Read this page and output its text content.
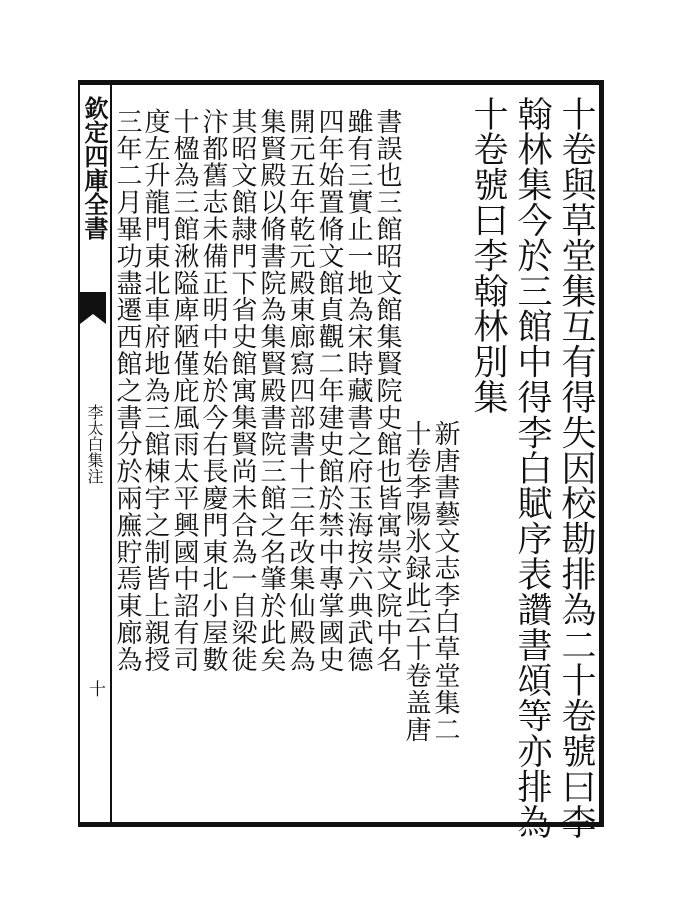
欽定四庫全書
李太白集注
十	十卷與草堂集互有得失因校勘排為二十卷號曰李
翰林集今於三館中得李白賦序表讚書頌等亦排為
十卷號曰李翰林別集
新唐書藝文志李白草堂集二
十卷李陽氷録此云十卷盖唐
書誤也三館昭文館集賢院史館也皆寓崇文院中名
雖有三實止一地為宋時藏書之府玉海按六典武德
四年始置脩文館貞觀二年建史館於禁中專掌國史
開元五年乾元殿東廊寫四部書十三年改集仙殿為
集賢殿以脩書院為集賢殿書院三館之名肇於此矣
其昭文館隷門下省史館寓集賢尚未合為一自梁徙
汴都舊志未備正明中始於今右長慶門東北小屋數
十楹為三館湫隘庳陋僅庇風雨太平興國中詔有司
度左升龍門東北車府地為三館棟宇之制皆上親授
三年二月畢功盡遷西館之書分於兩廡貯焉東廊為
